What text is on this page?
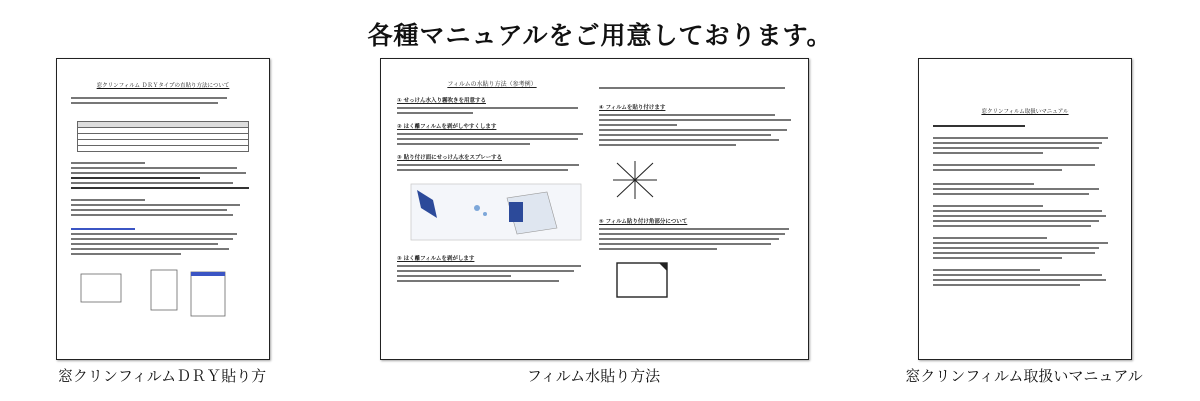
各種マニュアルをご用意しております。
窓クリンフィルム ＤＲＹタイプの直貼り方法について
窓クリンフィルムＤＲＹ貼り方
フィルムの水貼り方法（参考例）
① せっけん水入り霧吹きを用意する
② はく離フィルムを剥がしやすくします
③ 貼り付け面にせっけん水をスプレーする
③ はく離フィルムを剥がします
④ フィルムを貼り付けます
⑤ フィルム貼り付け角部分について
フィルム水貼り方法
窓クリンフィルム取扱いマニュアル
窓クリンフィルム取扱いマニュアル
